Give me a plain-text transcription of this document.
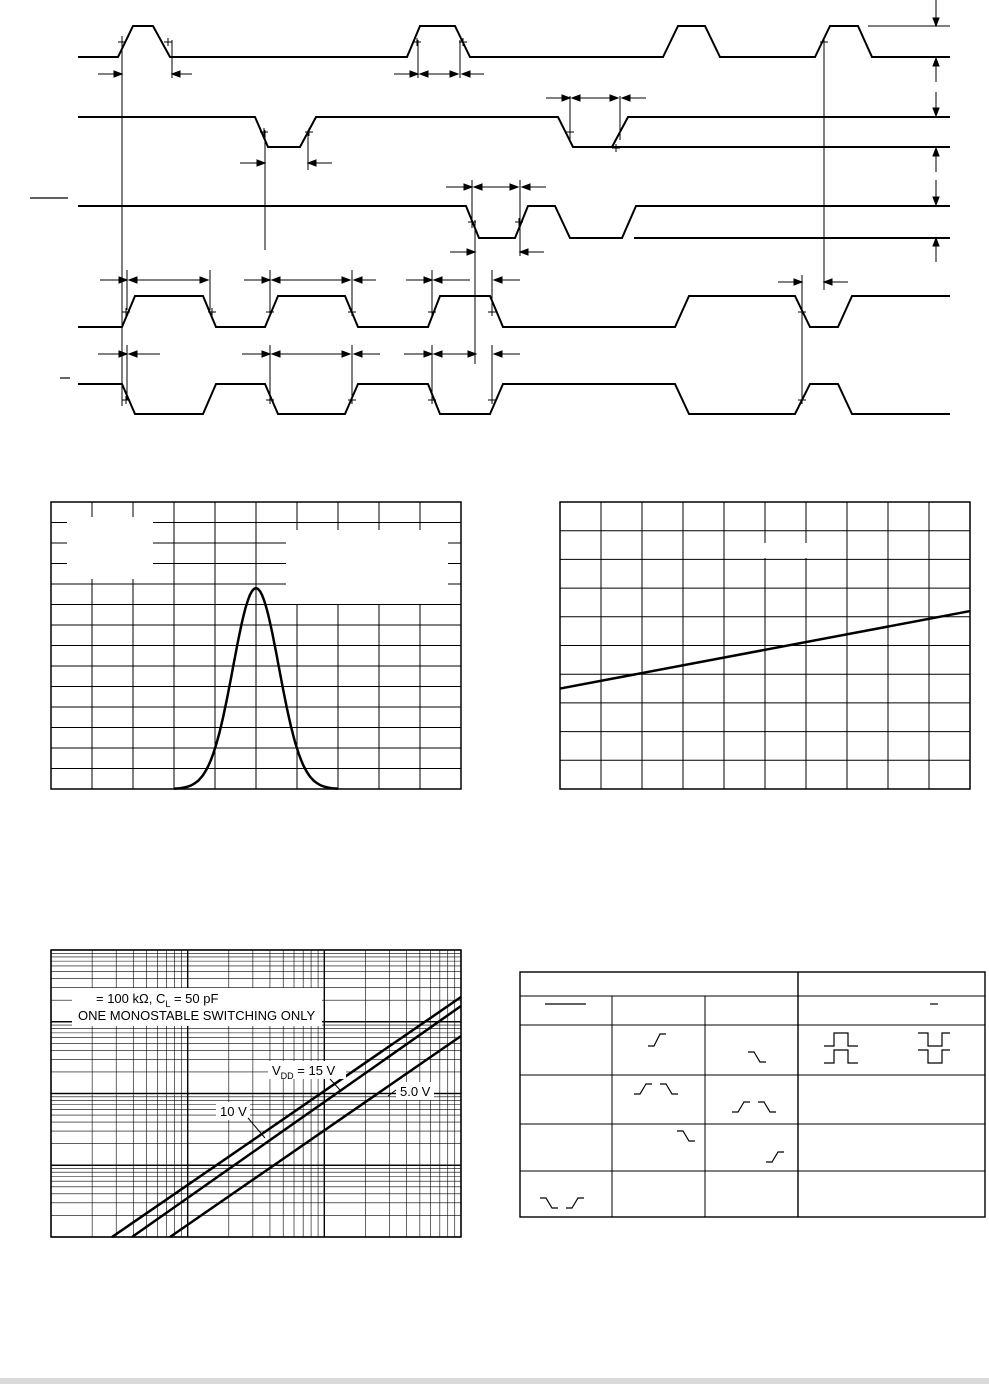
= 100 kΩ, $C_L = 50$ pF
ONE MONOSTABLE SWITCHING ONLY
$V_{DD} = 15$ V
5.0 V
10 V
